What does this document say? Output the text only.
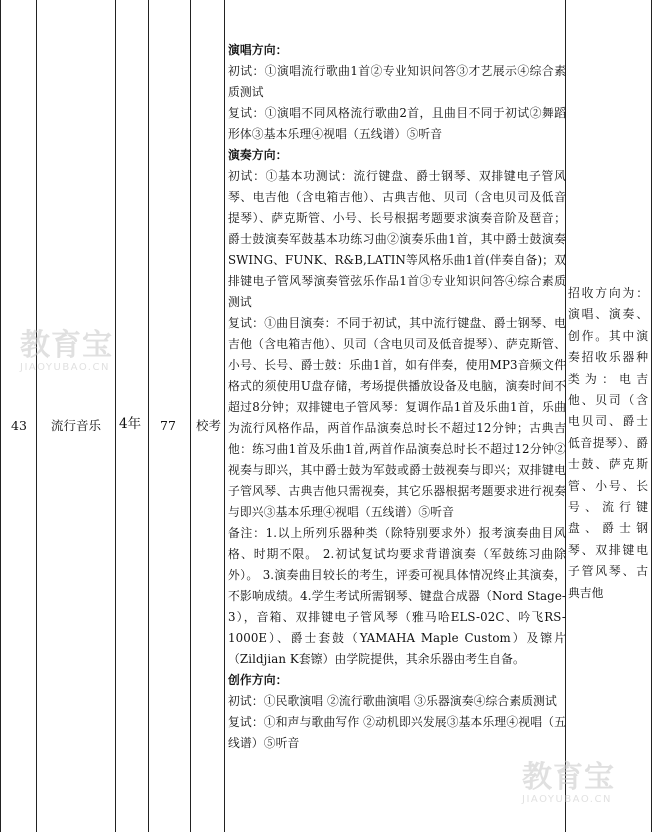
43 流行音乐 4年 77 校考
演唱方向：
初试：①演唱流行歌曲1首②专业知识问答③才艺展示④综合素质测试
复试：①演唱不同风格流行歌曲2首，且曲目不同于初试②舞蹈形体③基本乐理④视唱（五线谱）⑤听音
演奏方向：
初试：①基本功测试：流行键盘、爵士钢琴、双排键电子管风琴、电吉他（含电箱吉他）、古典吉他、贝司（含电贝司及低音提琴）、萨克斯管、小号、长号根据考题要求演奏音阶及琶音；爵士鼓演奏军鼓基本功练习曲②演奏乐曲1首，其中爵士鼓演奏SWING、FUNK、R&B,LATIN等风格乐曲1首(伴奏自备)；双排键电子管风琴演奏管弦乐作品1首③专业知识问答④综合素质测试
复试：①曲目演奏：不同于初试，其中流行键盘、爵士钢琴、电吉他（含电箱吉他）、贝司（含电贝司及低音提琴）、萨克斯管、小号、长号、爵士鼓：乐曲1首，如有伴奏，使用MP3音频文件格式的须使用U盘存储，考场提供播放设备及电脑，演奏时间不超过8分钟；双排键电子管风琴：复调作品1首及乐曲1首，乐曲为流行风格作品，两首作品演奏总时长不超过12分钟；古典吉他：练习曲1首及乐曲1首,两首作品演奏总时长不超过12分钟②视奏与即兴，其中爵士鼓为军鼓或爵士鼓视奏与即兴；双排键电子管风琴、古典吉他只需视奏，其它乐器根据考题要求进行视奏与即兴③基本乐理④视唱（五线谱）⑤听音
备注：1.以上所列乐器种类（除特别要求外）报考演奏曲目风格、时期不限。 2.初试复试均要求背谱演奏（军鼓练习曲除外）。 3.演奏曲目较长的考生，评委可视具体情况终止其演奏，不影响成绩。4.学生考试所需钢琴、键盘合成器（Nord Stage-3），音箱、双排键电子管风琴（雅马哈ELS-02C、吟飞RS-1000E）、爵士套鼓（YAMAHA Maple Custom）及镲片（Zildjian K套镲）由学院提供，其余乐器由考生自备。
创作方向：
初试：①民歌演唱 ②流行歌曲演唱 ③乐器演奏④综合素质测试
复试：①和声与歌曲写作 ②动机即兴发展③基本乐理④视唱（五线谱）⑤听音
招收方向为：演唱、演奏、创作。其中演奏招收乐器种类为：电吉他、贝司（含电贝司、爵士低音提琴）、爵士鼓、萨克斯管、小号、长号、流行键盘、爵士钢琴、双排键电子管风琴、古典吉他
教育宝
JIAOYUBAO.CN
教育宝
JIAOYUBAO.CN
